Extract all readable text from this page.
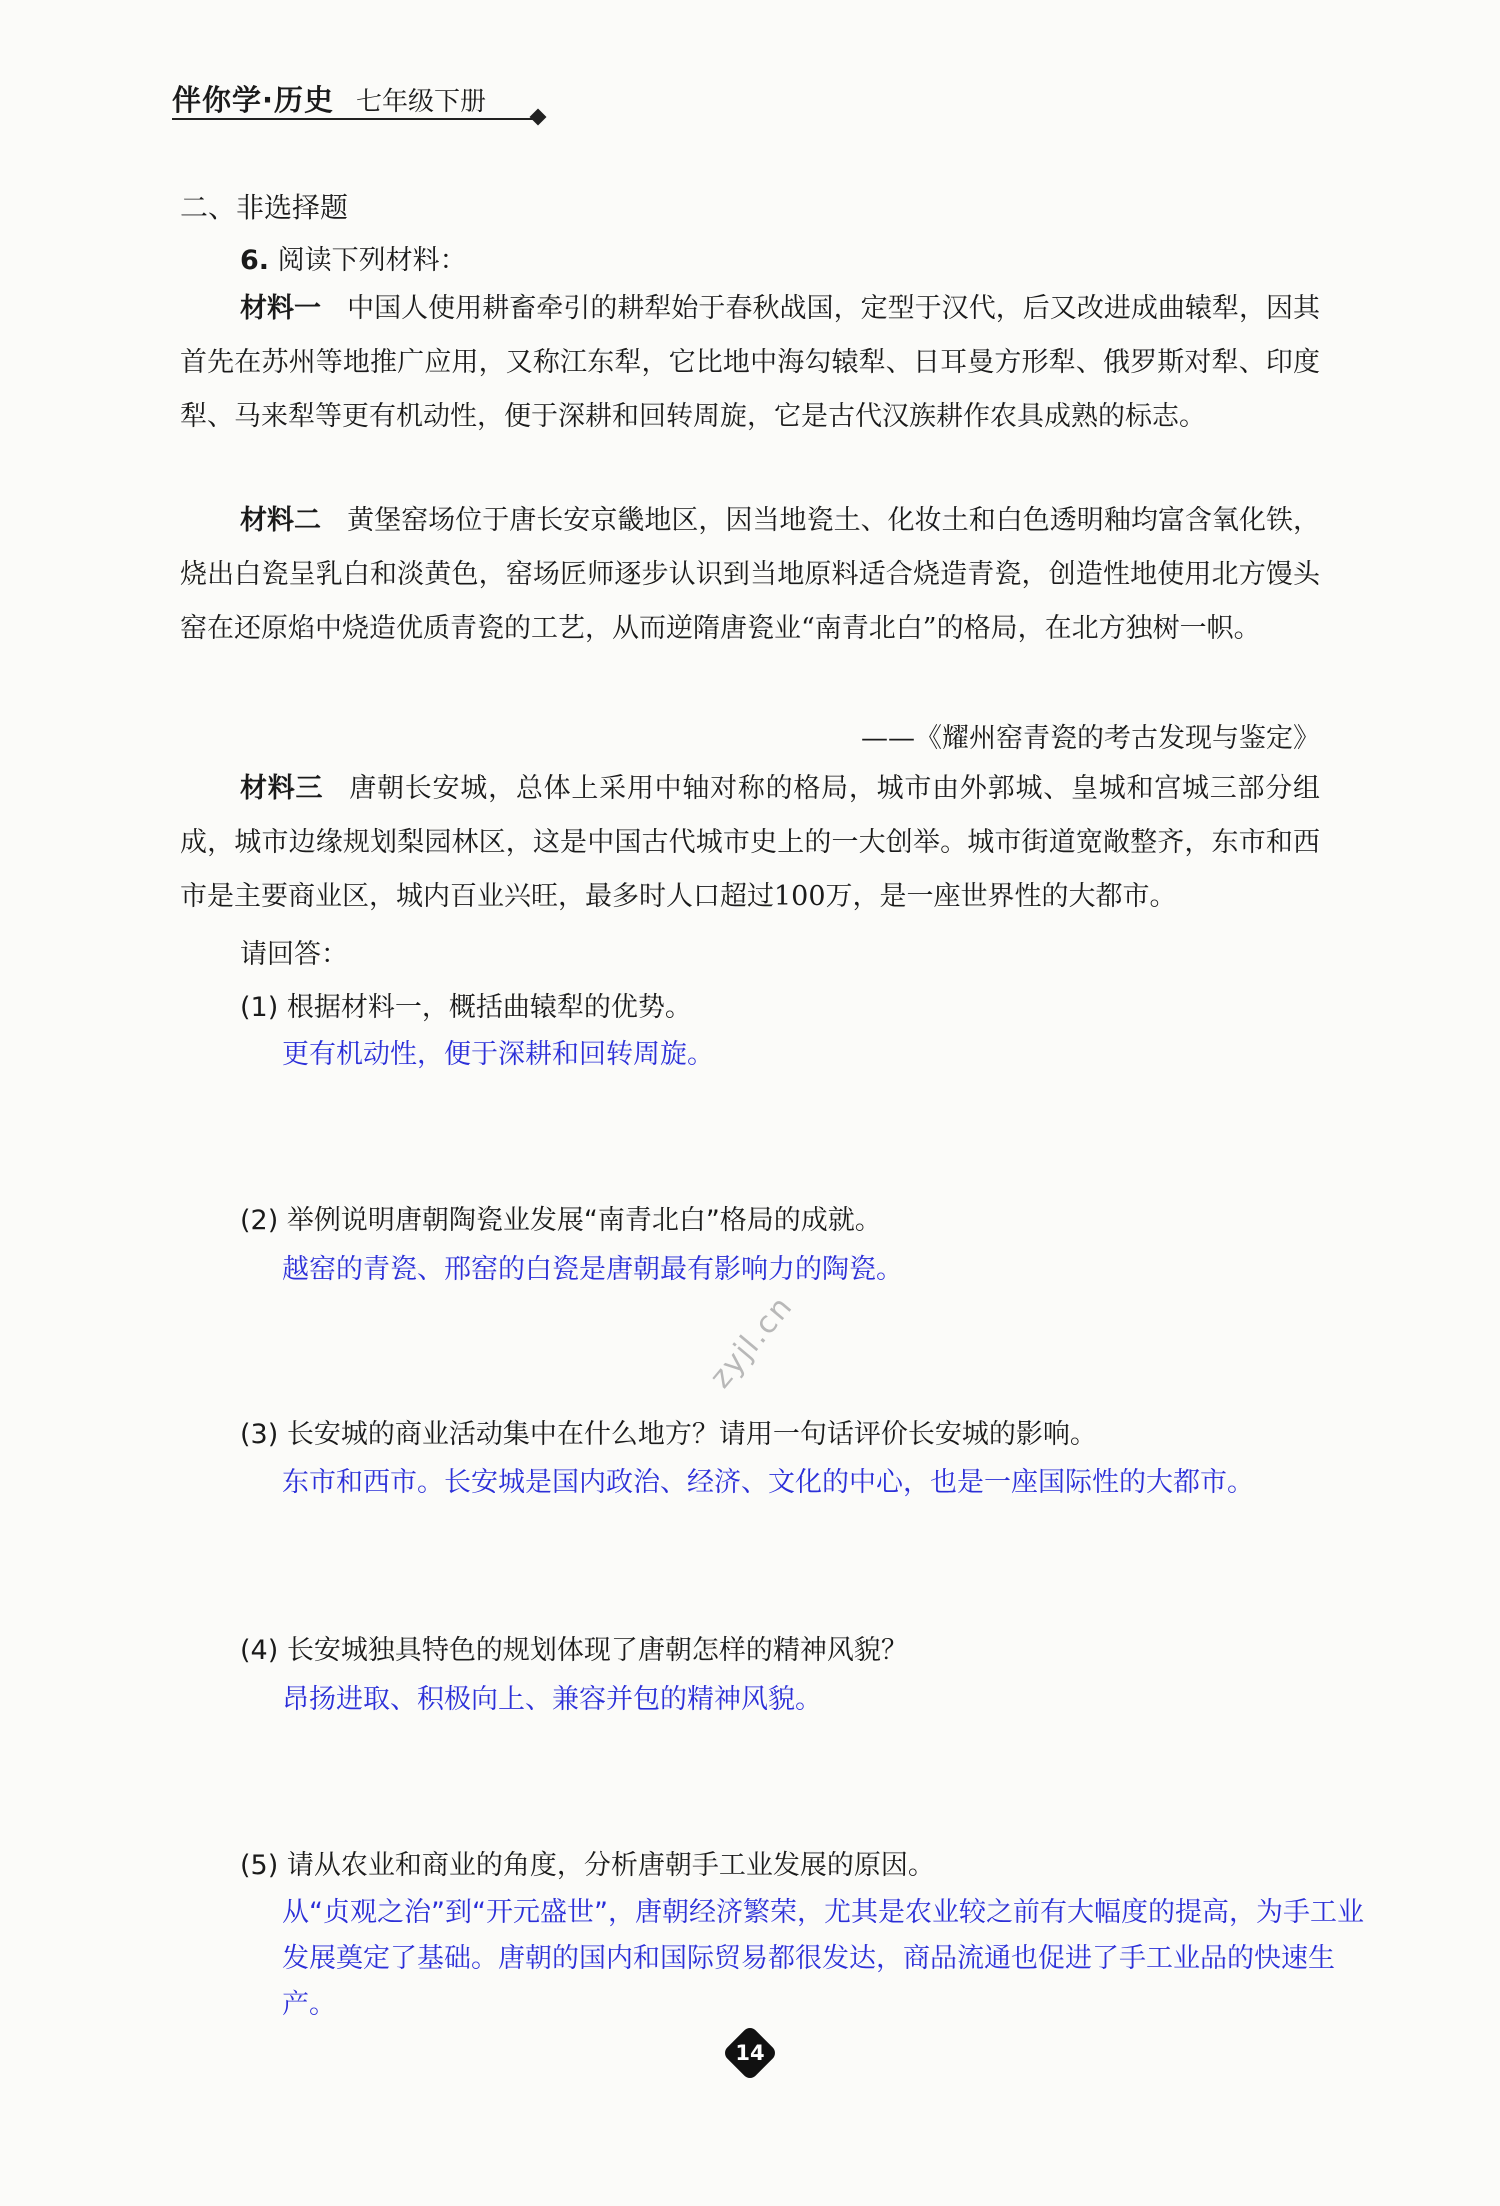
伴你学·历史 七年级下册
二、非选择题
6. 阅读下列材料：

材料一 中国人使用耕畜牵引的耕犁始于春秋战国，定型于汉代，后又改进成曲辕犁，因其首先在苏州等地推广应用，又称江东犁，它比地中海勾辕犁、日耳曼方形犁、俄罗斯对犁、印度犁、马来犁等更有机动性，便于深耕和回转周旋，它是古代汉族耕作农具成熟的标志。

材料二 黄堡窑场位于唐长安京畿地区，因当地瓷土、化妆土和白色透明釉均富含氧化铁，烧出白瓷呈乳白和淡黄色，窑场匠师逐步认识到当地原料适合烧造青瓷，创造性地使用北方馒头窑在还原焰中烧造优质青瓷的工艺，从而逆隋唐瓷业“南青北白”的格局，在北方独树一帜。

——《耀州窑青瓷的考古发现与鉴定》

材料三 唐朝长安城，总体上采用中轴对称的格局，城市由外郭城、皇城和宫城三部分组成，城市边缘规划梨园林区，这是中国古代城市史上的一大创举。城市街道宽敞整齐，东市和西市是主要商业区，城内百业兴旺，最多时人口超过100万，是一座世界性的大都市。

请回答：
(1) 根据材料一，概括曲辕犁的优势。

更有机动性，便于深耕和回转周旋。

(2) 举例说明唐朝陶瓷业发展“南青北白”格局的成就。

越窑的青瓷、邢窑的白瓷是唐朝最有影响力的陶瓷。

zyjl.cn
(3) 长安城的商业活动集中在什么地方？请用一句话评价长安城的影响。

东市和西市。长安城是国内政治、经济、文化的中心，也是一座国际性的大都市。

(4) 长安城独具特色的规划体现了唐朝怎样的精神风貌？

昂扬进取、积极向上、兼容并包的精神风貌。

(5) 请从农业和商业的角度，分析唐朝手工业发展的原因。

从“贞观之治”到“开元盛世”，唐朝经济繁荣，尤其是农业较之前有大幅度的提高，为手工业发展奠定了基础。唐朝的国内和国际贸易都很发达，商品流通也促进了手工业品的快速生产。

14
